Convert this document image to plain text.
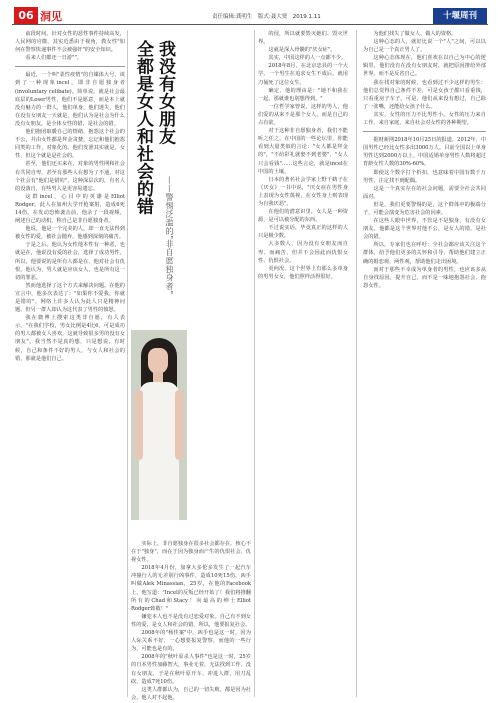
06 洞见	责任编辑:龚明生　版式:聂大贾　2019.1.11	十堰周刊

前段时间，针对女性的恶性事件持续高发，人民网的官微，其实近悉由于视角，教女性"如何在警察快递事件不会被强奸"的安全知识。

看来人们都还一日游""。

最近，一个叫"柔性疫情"的自媒体大号，谈到了一种现象incel，即非自愿独身者(involuntary celibate)。简单说，就是社会最底层的Loser男性，他们不是愿意，而是本上就没有魅力的一群人，他们单身，他们迷失，他们在没有女朋友一天就是，他们认为是社会为什么没有女朋友，是全体女性的错，是社会的错。

他们抱团取暖自己的情绪，抱怨这个社会的不公，并由女性都是拜金贪婪，忘记和他们抱怨同类的工作，对象化的。他们发泄其实就是，女性，但这个就是是社会的。

甚至，他们还买来在，对象的男性网和社会有共同自卑，甚至有那些人在想为了不通，对这个社会有"他们是错的"，这种深层次的，有名人的没落自，有些男人是更容易遗忘。

这群incel，心目中的英雄是Elliot Rodger。此人在加州大学开枪案射，造成6死14伤。在发动恐怖袭击前，他录了一段视频，阐述自己的动机，称自己是非自愿独身者。

他说，他是一个完美的人，却一直无法得到被女性的爱，被社会抛弃，他感到深刻的痛苦。

于是之后，他认为女性他本性有一种恶，也就是在，他说没有爱的社会，选择了成功男性，所以，他要说的是所有人都是在，他对社会有仇恨，他认为，男人就是应该女人，也是所有这一切的罪恶。

然而他选择了这个方式来解决问题。在他的宣言中，他多次表达了："如果你不爱我，你就是错的"。网络上许多人认为此人只是精神问题，但另一群人却认为这代表了男性的愤怒。

我在微博上搜索这类非自愿，有人表示，"在我们学校，男女比例是4比6，可是成功的男人都被女人喜欢，这就导致很多男的没有女朋友"。我当然不是真的想，只是想说，有时候，自己和条件不好的男人，与女人和社会的错，那就是他们自己。

我没有女朋友
全都是女人和社会的错
——警惕泛滥的"非自愿独身者"

实际上，非自愿独身在很多社会都存在。核心不在于"独身"，而在于因为独身而产生的仇恨社会、仇视女性。

2018年4月份，加拿大多伦多发生了一起汽车冲撞行人的无差别行凶事件，造成10死15伤。凶手叫做Alek Minassian，25岁，在他的Facebook上，他写道："Incel的反叛已经开始了！我们将推翻所有的Chad和Stacy！向最高的绅士Elliot Rodger致敬！"

嫌犯本人也不是没有过恋爱对象。自己有不到女性的爱，是女人和社会的错，所以，他要报复社会。

2008年的"杨佳案"中，凶手也是这一时，因为人际关系不好，一心想要报复警察，而他的一些行为，可能也是有的。

2008年的"秋叶原杀人事件"也是这一时，25岁的日本男性加藤智大，事业无着，无法找到工作，没有女朋友，于是在秋叶原开车，冲进人群，用刀乱砍，造成7死10伤。

这类人群都认为，自己的一切失败，都是因为社会、他人对不起他。

的侵，所以就要毁灭她们、毁灭世界。

这就是深入骨髓的"厌女症"。

其实，中国这样的人一点都不少。

2018年8月，在北京忠县的一个大学，一个男生在追求女生不成后，就用刀捅死了这位女生。

确定，他的理由是："她不和我在一起，那就谁也别想得到。"

一位哲学家曾说，这样的男人，他们爱的从来不是那个女人，而是自己的占有欲。

对于这种非自愿独身者，我们不能听之任之。在中国的一些论坛里，你能看到大量类似的言论："女人都是拜金的"，"不给彩礼就娶不到老婆"，"女人只会看钱"……这些言论，就是incel在中国的土壤。

日本的著名社会学家上野千鹤子在《厌女》一书中说，"厌女症在男性身上表现为女性蔑视，在女性身上则表现为自我厌恶"。

在他们的潜意识里，女人是一种资源，是可以被分配的东西。

不过说实话，毕竟真正的这样的人只是极少数。

大多数人，因为没有女朋友而自卑、而痛苦，但并不会因此而仇恨女性、仇恨社会。

更何况，这个世界上有那么多单身的男男女女，他们照样活得很好。

为他们找失了做女人、做人的资格。

这种心态的人，就好比说一个"人"之间，可以以为自己是一个真正男人了。

这种心态体现在，他们喜欢在以自己为中心的逻辑里，他们没有在没有女朋友时，就把原因推给外部世界，而不是反省自己。

我在找对象的时候，也看到过不少这样的男生：他们总觉得自己条件不差，可是女孩子都只看重钱，只看重房子车子。可是，他们从来没有想过，自己除了一张嘴，还能给女孩子什么。

其实，女性的压力不比男性小。女性的压力来自工作、来自家庭、来自社会对女性的各种期望。

据财新网2018年10月25日的报道，2012年，中国男性已经比女性多出3000万人。目前全国以上单身男性达到2000万以上。中国适婚单身男性人数将超过育龄女性人数的30%-60%。

即使这个数字打个折扣，也意味着中国有数千万男性，注定找不到配偶。

这是一个真实存在的社会问题，需要全社会共同面对。

但是，我们更要警惕的是，这个群体中的极端分子，可能会演变为危害社会的因素。

在这些人眼中世界，不管是不是独身，有没有女朋友，他都是这个世界对他不公，是女人的错，是社会的错。

所以，专家们也在呼吁：全社会都应该关注这个群体，给予他们更多的关怀和引导，帮助他们建立正确的婚恋观、两性观，帮助他们走出困境。

而对于那些不幸成为单身者的男性，也应该多从自身找原因，提升自己，而不是一味地抱怨社会、抱怨女性。
